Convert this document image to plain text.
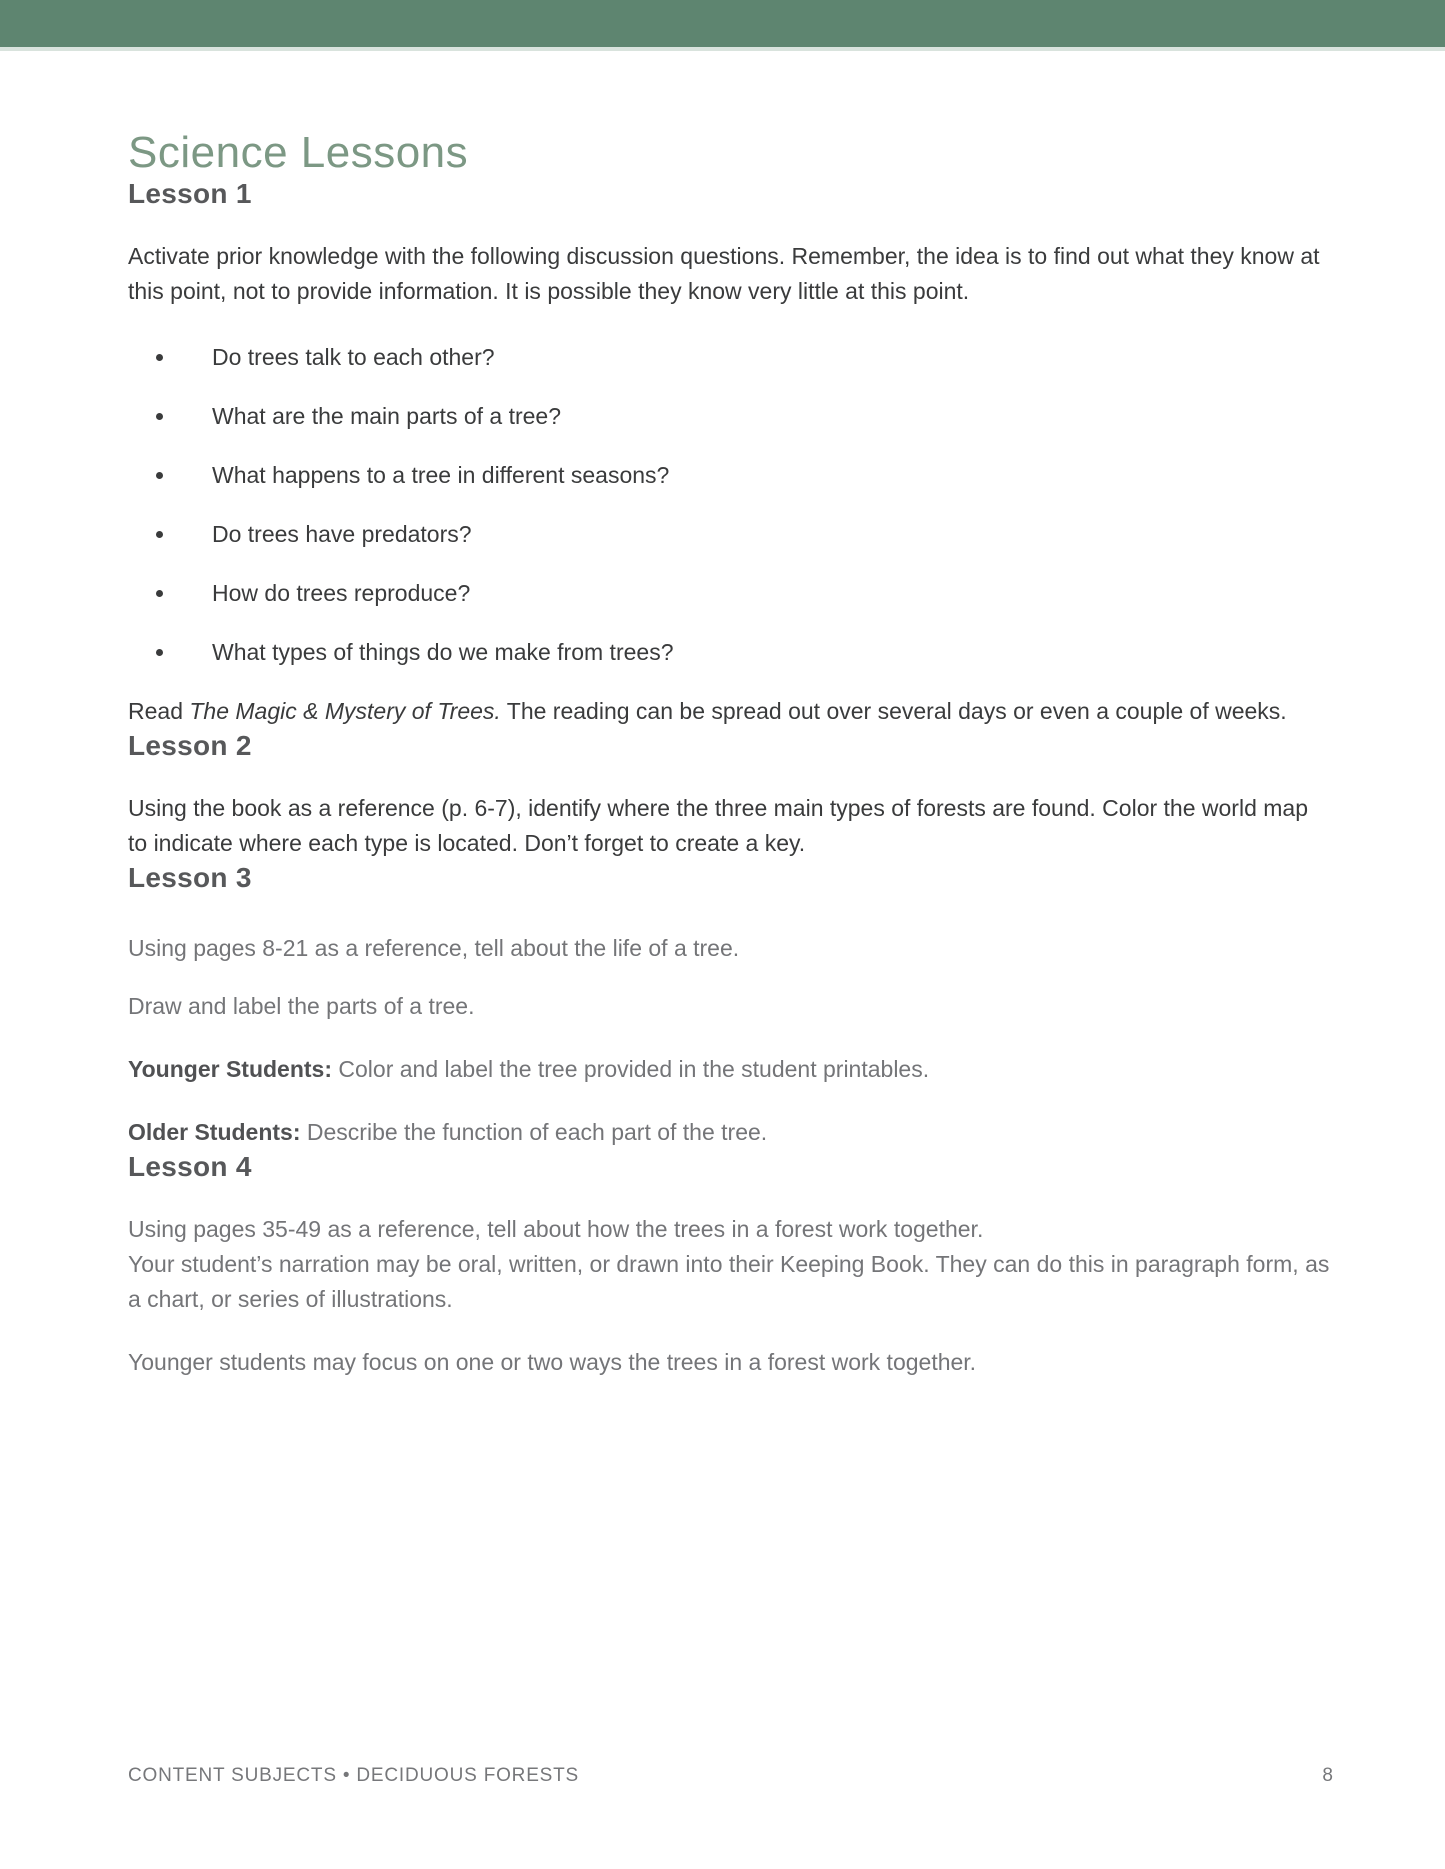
Science Lessons
Lesson 1

Activate prior knowledge with the following discussion questions. Remember, the idea is to find out what they know at this point, not to provide information. It is possible they know very little at this point.

Do trees talk to each other?
What are the main parts of a tree?
What happens to a tree in different seasons?
Do trees have predators?
How do trees reproduce?
What types of things do we make from trees?

Read The Magic & Mystery of Trees. The reading can be spread out over several days or even a couple of weeks.

Lesson 2

Using the book as a reference (p. 6-7), identify where the three main types of forests are found. Color the world map to indicate where each type is located. Don’t forget to create a key.

Lesson 3

Using pages 8-21 as a reference, tell about the life of a tree.

Draw and label the parts of a tree.

Younger Students: Color and label the tree provided in the student printables.

Older Students: Describe the function of each part of the tree.

Lesson 4

Using pages 35-49 as a reference, tell about how the trees in a forest work together.
Your student’s narration may be oral, written, or drawn into their Keeping Book. They can do this in paragraph form, as a chart, or series of illustrations.

Younger students may focus on one or two ways the trees in a forest work together.

CONTENT SUBJECTS • DECIDUOUS FORESTS	8
